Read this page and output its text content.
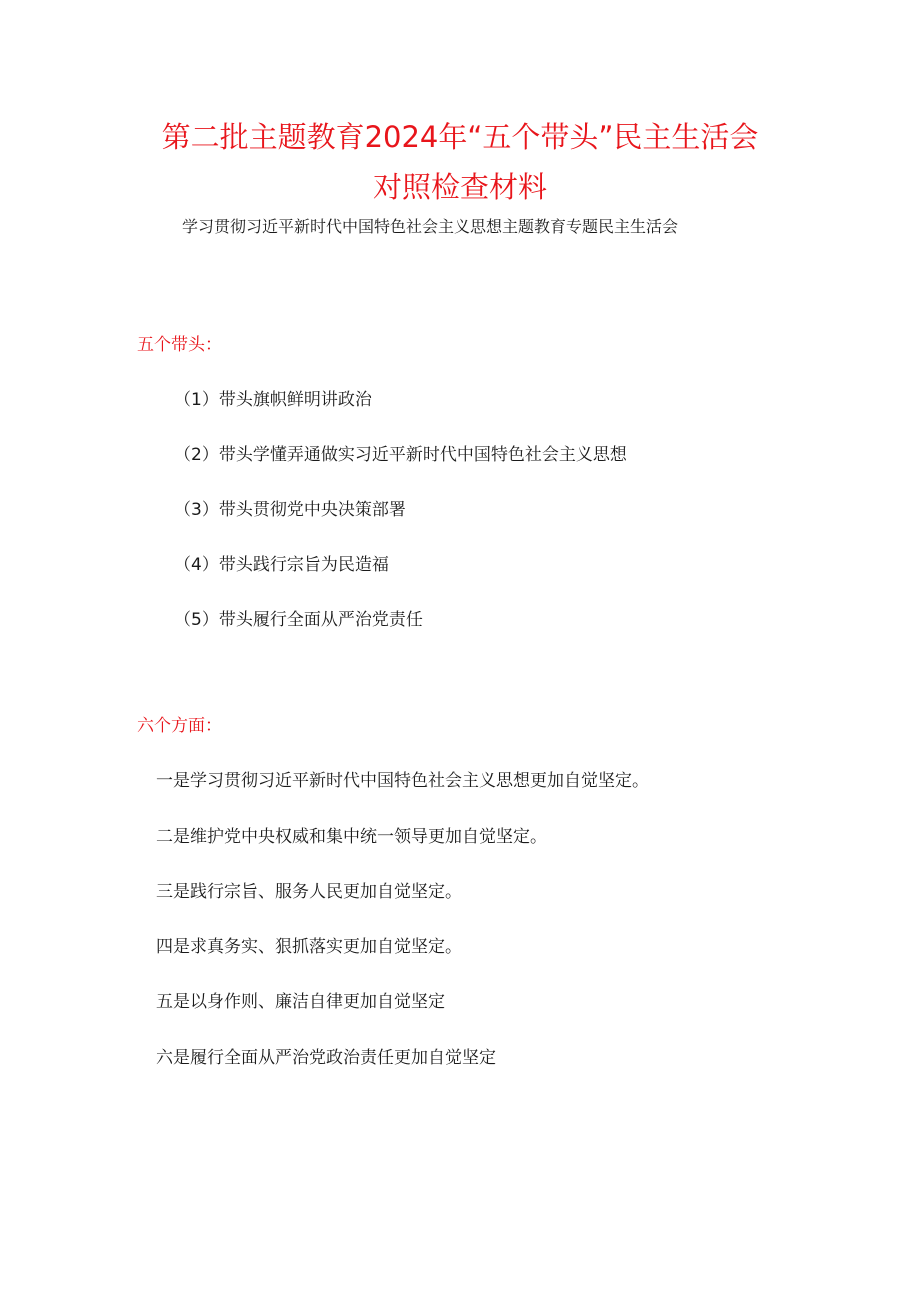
第二批主题教育2024年“五个带头”民主生活会
对照检查材料
学习贯彻习近平新时代中国特色社会主义思想主题教育专题民主生活会
五个带头：
（1）带头旗帜鲜明讲政治
（2）带头学懂弄通做实习近平新时代中国特色社会主义思想
（3）带头贯彻党中央决策部署
（4）带头践行宗旨为民造福
（5）带头履行全面从严治党责任
六个方面：
一是学习贯彻习近平新时代中国特色社会主义思想更加自觉坚定。
二是维护党中央权威和集中统一领导更加自觉坚定。
三是践行宗旨、服务人民更加自觉坚定。
四是求真务实、狠抓落实更加自觉坚定。
五是以身作则、廉洁自律更加自觉坚定
六是履行全面从严治党政治责任更加自觉坚定
